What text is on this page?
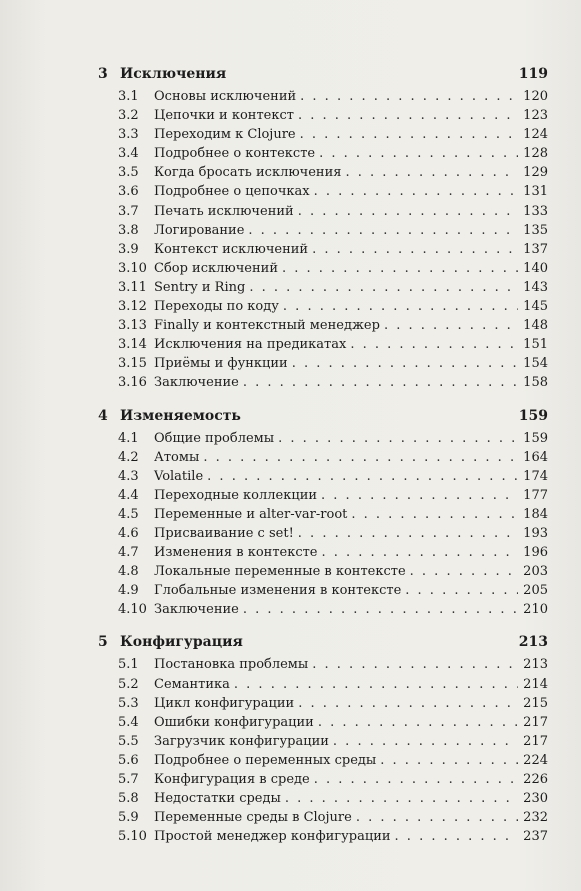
3 Исключения	119
3.1	Основы исключений . . .	120
3.2	Цепочки и контекст . . .	123
3.3	Переходим к Clojure . . .	124
3.4	Подробнее о контексте . . .	128
3.5	Когда бросать исключения . . .	129
3.6	Подробнее о цепочках . . .	131
3.7	Печать исключений . . .	133
3.8	Логирование . . .	135
3.9	Контекст исключений . . .	137
3.10 Сбор исключений . . .	140
3.11 Sentry и Ring . . .	143
3.12 Переходы по коду . . .	145
3.13 Finally и контекстный менеджер . . .	148
3.14 Исключения на предикатах . . .	151
3.15 Приёмы и функции . . .	154
3.16 Заключение . . .	158
4 Изменяемость	159
4.1	Общие проблемы . . .	159
4.2	Атомы . . .	164
4.3	Volatile . . .	174
4.4	Переходные коллекции . . .	177
4.5	Переменные и alter-var-root . . .	184
4.6	Присваивание с set! . . .	193
4.7	Изменения в контексте . . .	196
4.8	Локальные переменные в контексте . . .	203
4.9	Глобальные изменения в контексте . . .	205
4.10 Заключение . . .	210
5 Конфигурация	213
5.1	Постановка проблемы . . .	213
5.2	Семантика . . .	214
5.3	Цикл конфигурации . . .	215
5.4	Ошибки конфигурации . . .	217
5.5	Загрузчик конфигурации . . .	217
5.6	Подробнее о переменных среды . . .	224
5.7	Конфигурация в среде . . .	226
5.8	Недостатки среды . . .	230
5.9	Переменные среды в Clojure . . .	232
5.10 Простой менеджер конфигурации . . .	237
